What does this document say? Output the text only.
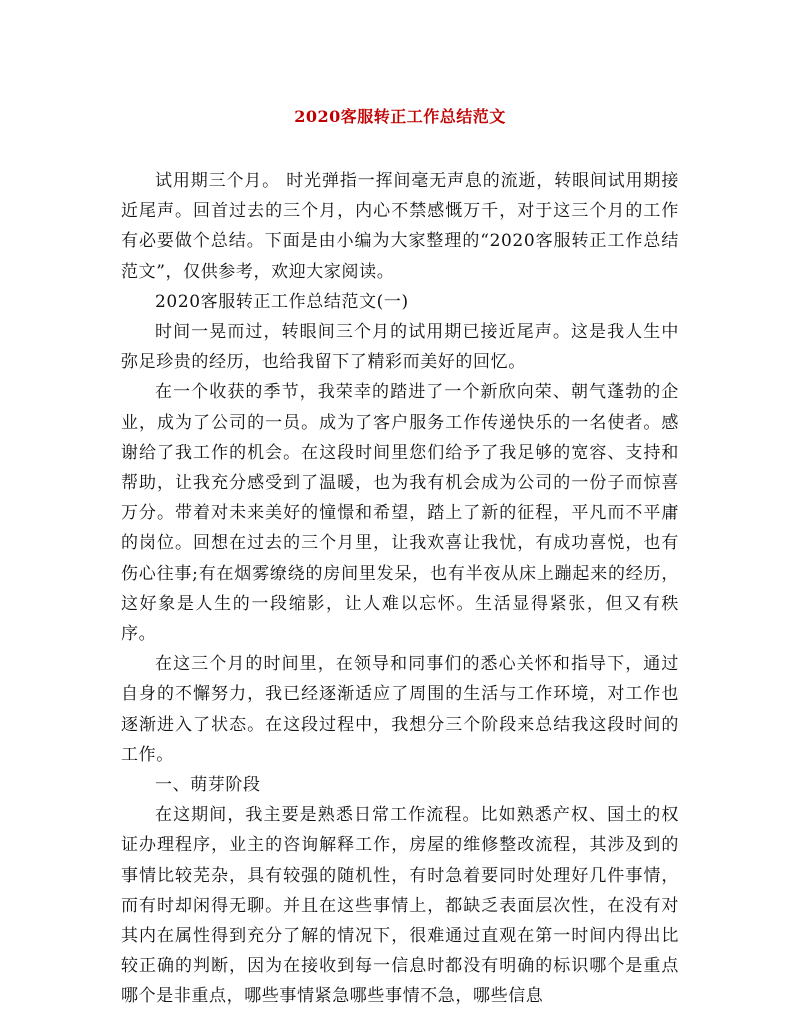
2020客服转正工作总结范文

试用期三个月。 时光弹指一挥间毫无声息的流逝，转眼间试用期接近尾声。回首过去的三个月，内心不禁感慨万千，对于这三个月的工作有必要做个总结。下面是由小编为大家整理的“2020客服转正工作总结范文”，仅供参考，欢迎大家阅读。

2020客服转正工作总结范文(一)

时间一晃而过，转眼间三个月的试用期已接近尾声。这是我人生中弥足珍贵的经历，也给我留下了精彩而美好的回忆。

在一个收获的季节，我荣幸的踏进了一个新欣向荣、朝气蓬勃的企业，成为了公司的一员。成为了客户服务工作传递快乐的一名使者。感谢给了我工作的机会。在这段时间里您们给予了我足够的宽容、支持和帮助，让我充分感受到了温暖，也为我有机会成为公司的一份子而惊喜万分。带着对未来美好的憧憬和希望，踏上了新的征程，平凡而不平庸的岗位。回想在过去的三个月里，让我欢喜让我忧，有成功喜悦，也有伤心往事;有在烟雾缭绕的房间里发呆，也有半夜从床上蹦起来的经历，这好象是人生的一段缩影，让人难以忘怀。生活显得紧张，但又有秩序。

在这三个月的时间里，在领导和同事们的悉心关怀和指导下，通过自身的不懈努力，我已经逐渐适应了周围的生活与工作环境，对工作也逐渐进入了状态。在这段过程中，我想分三个阶段来总结我这段时间的工作。

一、萌芽阶段

在这期间，我主要是熟悉日常工作流程。比如熟悉产权、国土的权证办理程序，业主的咨询解释工作，房屋的维修整改流程，其涉及到的事情比较芜杂，具有较强的随机性，有时急着要同时处理好几件事情，而有时却闲得无聊。并且在这些事情上，都缺乏表面层次性，在没有对其内在属性得到充分了解的情况下，很难通过直观在第一时间内得出比较正确的判断，因为在接收到每一信息时都没有明确的标识哪个是重点哪个是非重点，哪些事情紧急哪些事情不急，哪些信息
